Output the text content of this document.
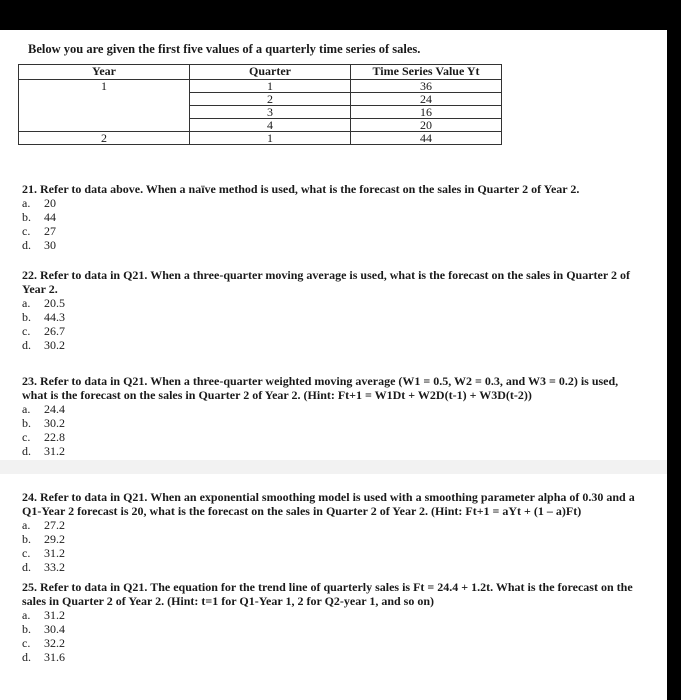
Below you are given the first five values of a quarterly time series of sales.
Year	Quarter	Time Series Value Yt
1	1	36
	2	24
	3	16
	4	20
2	1	44
21. Refer to data above. When a naïve method is used, what is the forecast on the sales in Quarter 2 of Year 2.
a.	20
b.	44
c.	27
d.	30
22. Refer to data in Q21. When a three-quarter moving average is used, what is the forecast on the sales in Quarter 2 of Year 2.
a.	20.5
b.	44.3
c.	26.7
d.	30.2
23. Refer to data in Q21. When a three-quarter weighted moving average (W1 = 0.5, W2 = 0.3, and W3 = 0.2) is used, what is the forecast on the sales in Quarter 2 of Year 2. (Hint: Ft+1 = W1Dt + W2D(t-1) + W3D(t-2))
a.	24.4
b.	30.2
c.	22.8
d.	31.2
24. Refer to data in Q21. When an exponential smoothing model is used with a smoothing parameter alpha of 0.30 and a Q1-Year 2 forecast is 20, what is the forecast on the sales in Quarter 2 of Year 2. (Hint: Ft+1 = aYt + (1 – a)Ft)
a.	27.2
b.	29.2
c.	31.2
d.	33.2
25. Refer to data in Q21. The equation for the trend line of quarterly sales is Ft = 24.4 + 1.2t. What is the forecast on the sales in Quarter 2 of Year 2. (Hint: t=1 for Q1-Year 1, 2 for Q2-year 1, and so on)
a.	31.2
b.	30.4
c.	32.2
d.	31.6
